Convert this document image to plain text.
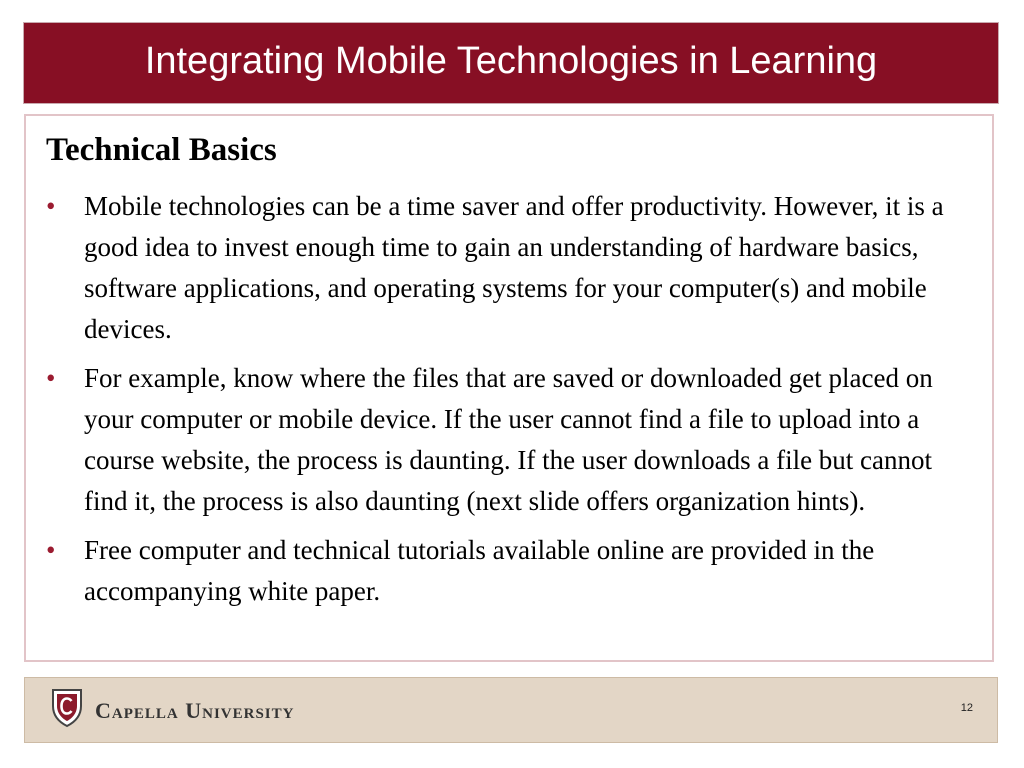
Integrating Mobile Technologies in Learning
Technical Basics
• Mobile technologies can be a time saver and offer productivity. However, it is a good idea to invest enough time to gain an understanding of hardware basics, software applications, and operating systems for your computer(s) and mobile devices.
• For example, know where the files that are saved or downloaded get placed on your computer or mobile device. If the user cannot find a file to upload into a course website, the process is daunting. If the user downloads a file but cannot find it, the process is also daunting (next slide offers organization hints).
• Free computer and technical tutorials available online are provided in the accompanying white paper.
Capella University	12
